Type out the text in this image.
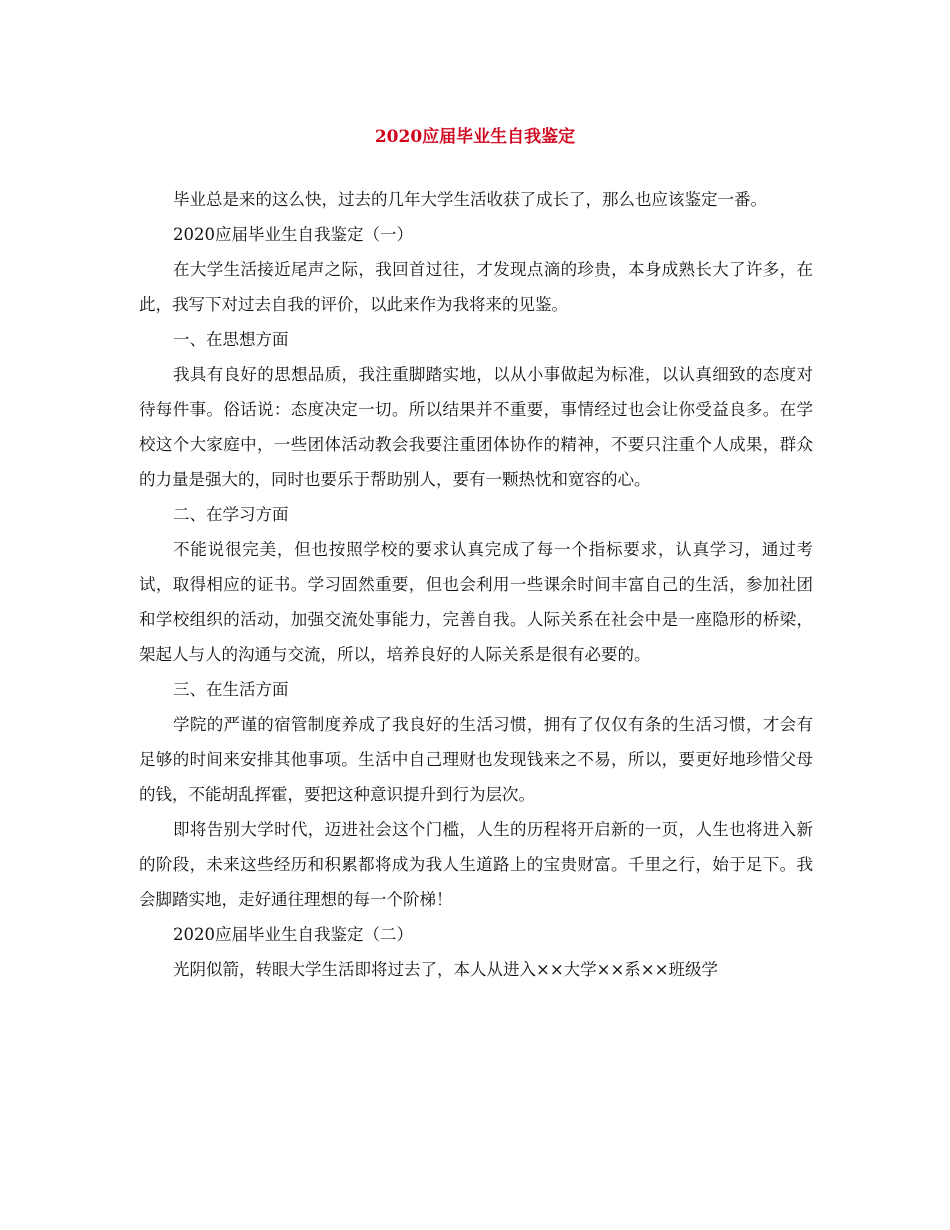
2020应届毕业生自我鉴定

毕业总是来的这么快，过去的几年大学生活收获了成长了，那么也应该鉴定一番。

2020应届毕业生自我鉴定（一）

在大学生活接近尾声之际，我回首过往，才发现点滴的珍贵，本身成熟长大了许多，在此，我写下对过去自我的评价，以此来作为我将来的见鉴。

一、在思想方面

我具有良好的思想品质，我注重脚踏实地，以从小事做起为标准，以认真细致的态度对待每件事。俗话说：态度决定一切。所以结果并不重要，事情经过也会让你受益良多。在学校这个大家庭中，一些团体活动教会我要注重团体协作的精神，不要只注重个人成果，群众的力量是强大的，同时也要乐于帮助别人，要有一颗热忱和宽容的心。

二、在学习方面

不能说很完美，但也按照学校的要求认真完成了每一个指标要求，认真学习，通过考试，取得相应的证书。学习固然重要，但也会利用一些课余时间丰富自己的生活，参加社团和学校组织的活动，加强交流处事能力，完善自我。人际关系在社会中是一座隐形的桥梁，架起人与人的沟通与交流，所以，培养良好的人际关系是很有必要的。

三、在生活方面

学院的严谨的宿管制度养成了我良好的生活习惯，拥有了仅仅有条的生活习惯，才会有足够的时间来安排其他事项。生活中自己理财也发现钱来之不易，所以，要更好地珍惜父母的钱，不能胡乱挥霍，要把这种意识提升到行为层次。

即将告别大学时代，迈进社会这个门槛，人生的历程将开启新的一页，人生也将进入新的阶段，未来这些经历和积累都将成为我人生道路上的宝贵财富。千里之行，始于足下。我会脚踏实地，走好通往理想的每一个阶梯！

2020应届毕业生自我鉴定（二）

光阴似箭，转眼大学生活即将过去了，本人从进入××大学××系××班级学
